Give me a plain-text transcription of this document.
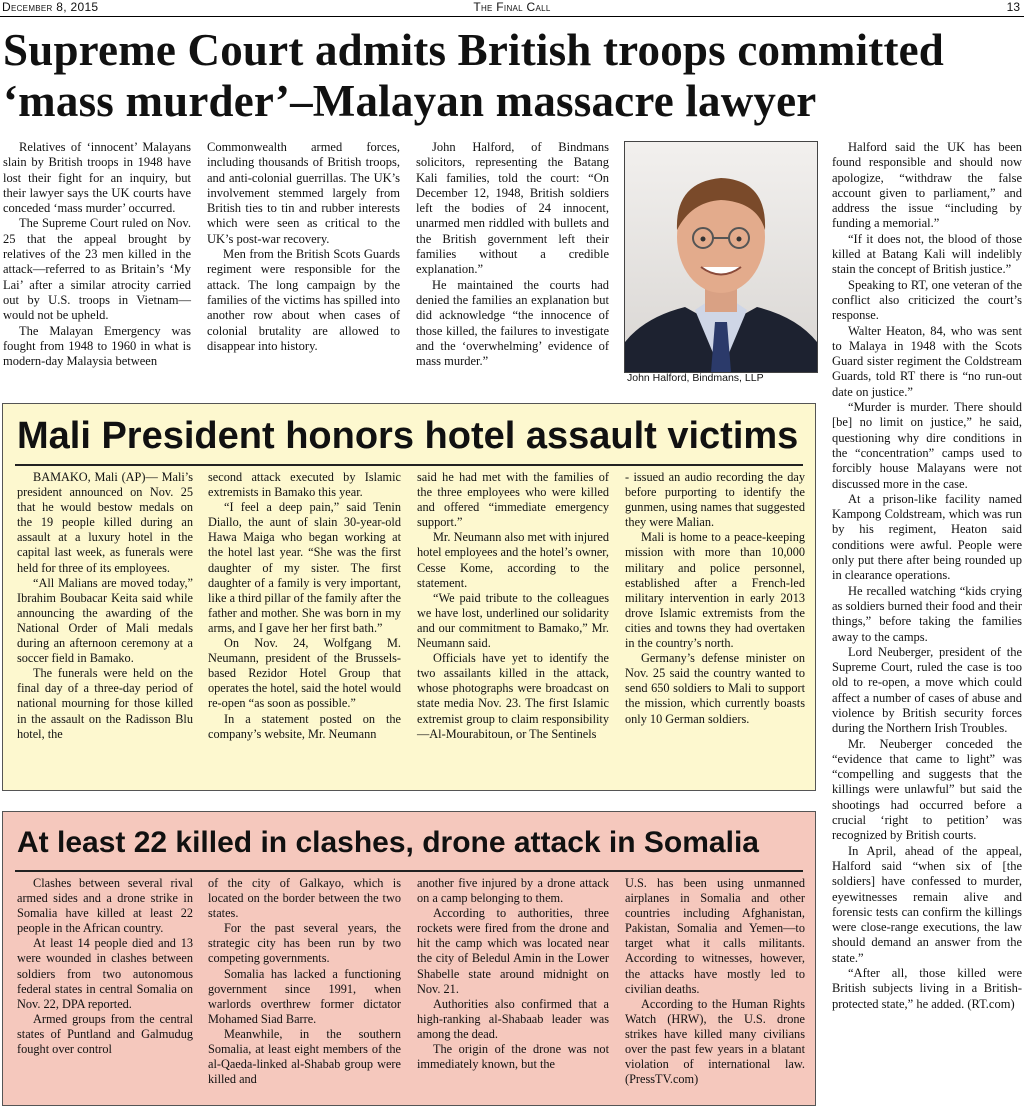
December 8, 2015	The Final Call	13
Supreme Court admits British troops committed ‘mass murder’–Malayan massacre lawyer

Relatives of ‘innocent’ Malayans slain by British troops in 1948 have lost their fight for an inquiry, but their lawyer says the UK courts have conceded ‘mass murder’ occurred.

The Supreme Court ruled on Nov. 25 that the appeal brought by relatives of the 23 men killed in the attack—referred to as Britain’s ‘My Lai’ after a similar atrocity carried out by U.S. troops in Vietnam—would not be upheld.

The Malayan Emergency was fought from 1948 to 1960 in what is modern-day Malaysia between

Commonwealth armed forces, including thousands of British troops, and anti-colonial guerrillas. The UK’s involvement stemmed largely from British ties to tin and rubber interests which were seen as critical to the UK’s post-war recovery.

Men from the British Scots Guards regiment were responsible for the attack. The long campaign by the families of the victims has spilled into another row about when cases of colonial brutality are allowed to disappear into history.

John Halford, of Bindmans solicitors, representing the Batang Kali families, told the court: “On December 12, 1948, British soldiers left the bodies of 24 innocent, unarmed men riddled with bullets and the British government left their families without a credible explanation.”

He maintained the courts had denied the families an explanation but did acknowledge “the innocence of those killed, the failures to investigate and the ‘overwhelming’ evidence of mass murder.”

John Halford, Bindmans, LLP

Halford said the UK has been found responsible and should now apologize, “withdraw the false account given to parliament,” and address the issue “including by funding a memorial.”

“If it does not, the blood of those killed at Batang Kali will indelibly stain the concept of British justice.”

Speaking to RT, one veteran of the conflict also criticized the court’s response.

Walter Heaton, 84, who was sent to Malaya in 1948 with the Scots Guard sister regiment the Coldstream Guards, told RT there is “no run-out date on justice.”

“Murder is murder. There should [be] no limit on justice,” he said, questioning why dire conditions in the “concentration” camps used to forcibly house Malayans were not discussed more in the case.

At a prison-like facility named Kampong Coldstream, which was run by his regiment, Heaton said conditions were awful. People were only put there after being rounded up in clearance operations.

He recalled watching “kids crying as soldiers burned their food and their things,” before taking the families away to the camps.

Lord Neuberger, president of the Supreme Court, ruled the case is too old to re-open, a move which could affect a number of cases of abuse and violence by British security forces during the Northern Irish Troubles.

Mr. Neuberger conceded the “evidence that came to light” was “compelling and suggests that the killings were unlawful” but said the shootings had occurred before a crucial ‘right to petition’ was recognized by British courts.

In April, ahead of the appeal, Halford said “when six of [the soldiers] have confessed to murder, eyewitnesses remain alive and forensic tests can confirm the killings were close-range executions, the law should demand an answer from the state.”

“After all, those killed were British subjects living in a British-protected state,” he added. (RT.com)

Mali President honors hotel assault victims

BAMAKO, Mali (AP)— Mali’s president announced on Nov. 25 that he would bestow medals on the 19 people killed during an assault at a luxury hotel in the capital last week, as funerals were held for three of its employees.

“All Malians are moved today,” Ibrahim Boubacar Keita said while announcing the awarding of the National Order of Mali medals during an afternoon ceremony at a soccer field in Bamako.

The funerals were held on the final day of a three-day period of national mourning for those killed in the assault on the Radisson Blu hotel, the

second attack executed by Islamic extremists in Bamako this year.

“I feel a deep pain,” said Tenin Diallo, the aunt of slain 30-year-old Hawa Maiga who began working at the hotel last year. “She was the first daughter of my sister. The first daughter of a family is very important, like a third pillar of the family after the father and mother. She was born in my arms, and I gave her her first bath.”

On Nov. 24, Wolfgang M. Neumann, president of the Brussels-based Rezidor Hotel Group that operates the hotel, said the hotel would re-open “as soon as possible.”

In a statement posted on the company’s website, Mr. Neumann

said he had met with the families of the three employees who were killed and offered “immediate emergency support.”

Mr. Neumann also met with injured hotel employees and the hotel’s owner, Cesse Kome, according to the statement.

“We paid tribute to the colleagues we have lost, underlined our solidarity and our commitment to Bamako,” Mr. Neumann said.

Officials have yet to identify the two assailants killed in the attack, whose photographs were broadcast on state media Nov. 23. The first Islamic extremist group to claim responsibility—Al-Mourabitoun, or The Sentinels

- issued an audio recording the day before purporting to identify the gunmen, using names that suggested they were Malian.

Mali is home to a peace-keeping mission with more than 10,000 military and police personnel, established after a French-led military intervention in early 2013 drove Islamic extremists from the cities and towns they had overtaken in the country’s north.

Germany’s defense minister on Nov. 25 said the country wanted to send 650 soldiers to Mali to support the mission, which currently boasts only 10 German soldiers.

At least 22 killed in clashes, drone attack in Somalia

Clashes between several rival armed sides and a drone strike in Somalia have killed at least 22 people in the African country.

At least 14 people died and 13 were wounded in clashes between soldiers from two autonomous federal states in central Somalia on Nov. 22, DPA reported.

Armed groups from the central states of Puntland and Galmudug fought over control

of the city of Galkayo, which is located on the border between the two states.

For the past several years, the strategic city has been run by two competing governments.

Somalia has lacked a functioning government since 1991, when warlords overthrew former dictator Mohamed Siad Barre.

Meanwhile, in the southern Somalia, at least eight members of the al-Qaeda-linked al-Shabab group were killed and

another five injured by a drone attack on a camp belonging to them.

According to authorities, three rockets were fired from the drone and hit the camp which was located near the city of Beledul Amin in the Lower Shabelle state around midnight on Nov. 21.

Authorities also confirmed that a high-ranking al-Shabaab leader was among the dead.

The origin of the drone was not immediately known, but the

U.S. has been using unmanned airplanes in Somalia and other countries including Afghanistan, Pakistan, Somalia and Yemen—to target what it calls militants. According to witnesses, however, the attacks have mostly led to civilian deaths.

According to the Human Rights Watch (HRW), the U.S. drone strikes have killed many civilians over the past few years in a blatant violation of international law. (PressTV.com)
